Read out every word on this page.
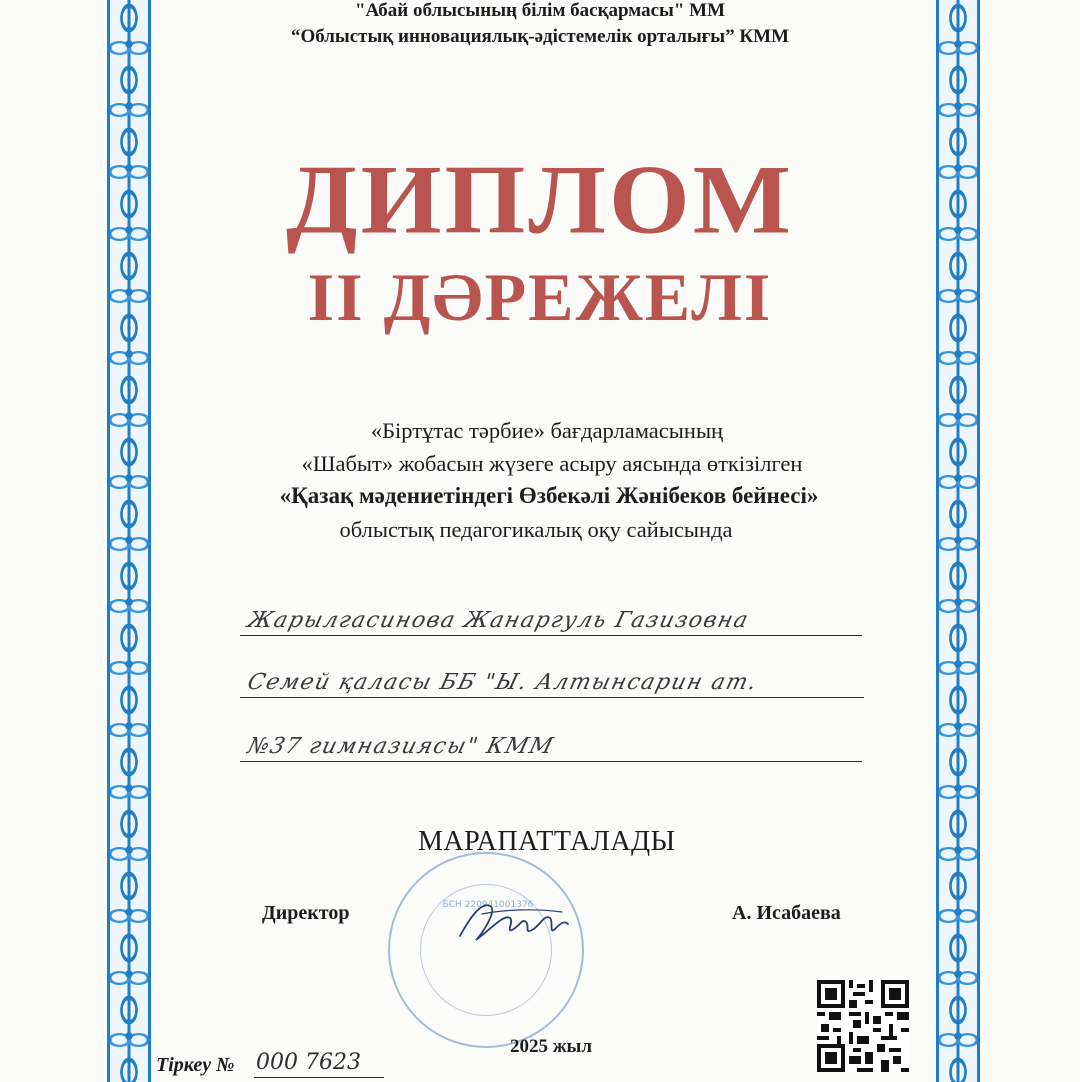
"Абай облысының білім басқармасы" ММ
“Облыстық инновациялық-әдістемелік орталығы” КММ
ДИПЛОМ
ІІ ДӘРЕЖЕЛІ
«Біртұтас тәрбие» бағдарламасының
«Шабыт» жобасын жүзеге асыру аясында өткізілген
«Қазақ мәдениетіндегі Өзбекәлі Жәнібеков бейнесі»
облыстық педагогикалық оқу сайысында
Жарылгасинова Жанаргуль Газизовна
Семей қаласы ББ "Ы. Алтынсарин ат.
№37 гимназиясы" КММ
МАРАПАТТАЛАДЫ
БСН 220941001376
Директор	А. Исабаева
2025 жыл
Тіркеу № 000 7623
